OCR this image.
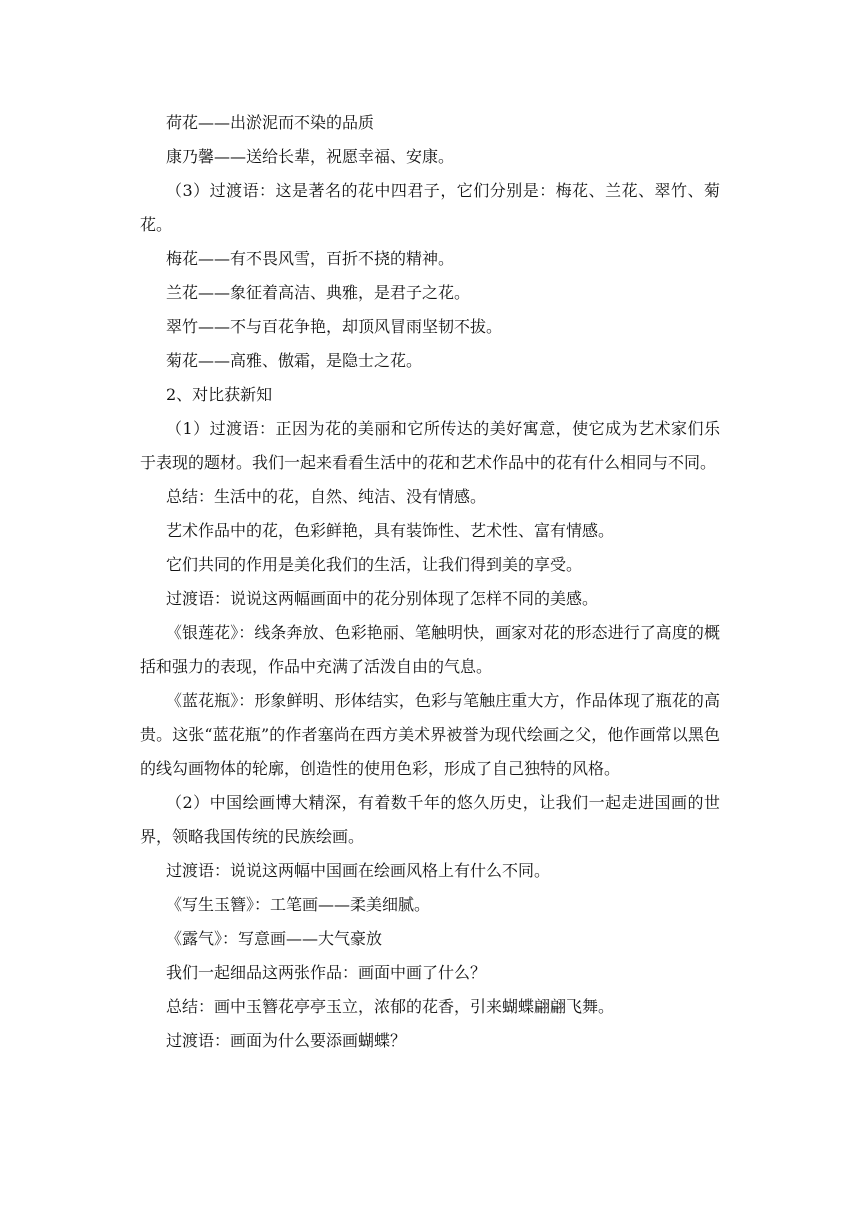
荷花——出淤泥而不染的品质

康乃馨——送给长辈，祝愿幸福、安康。

（3）过渡语：这是著名的花中四君子，它们分别是：梅花、兰花、翠竹、菊花。

梅花——有不畏风雪，百折不挠的精神。

兰花——象征着高洁、典雅，是君子之花。

翠竹——不与百花争艳，却顶风冒雨坚韧不拔。

菊花——高雅、傲霜，是隐士之花。

2、对比获新知

（1）过渡语：正因为花的美丽和它所传达的美好寓意，使它成为艺术家们乐于表现的题材。我们一起来看看生活中的花和艺术作品中的花有什么相同与不同。

总结：生活中的花，自然、纯洁、没有情感。

艺术作品中的花，色彩鲜艳，具有装饰性、艺术性、富有情感。

它们共同的作用是美化我们的生活，让我们得到美的享受。

过渡语：说说这两幅画面中的花分别体现了怎样不同的美感。

《银莲花》：线条奔放、色彩艳丽、笔触明快，画家对花的形态进行了高度的概括和强力的表现，作品中充满了活泼自由的气息。

《蓝花瓶》：形象鲜明、形体结实，色彩与笔触庄重大方，作品体现了瓶花的高贵。这张“蓝花瓶”的作者塞尚在西方美术界被誉为现代绘画之父，他作画常以黑色的线勾画物体的轮廓，创造性的使用色彩，形成了自己独特的风格。

（2）中国绘画博大精深，有着数千年的悠久历史，让我们一起走进国画的世界，领略我国传统的民族绘画。

过渡语：说说这两幅中国画在绘画风格上有什么不同。

《写生玉簪》：工笔画——柔美细腻。

《露气》：写意画——大气豪放

我们一起细品这两张作品：画面中画了什么？

总结：画中玉簪花亭亭玉立，浓郁的花香，引来蝴蝶翩翩飞舞。

过渡语：画面为什么要添画蝴蝶？
